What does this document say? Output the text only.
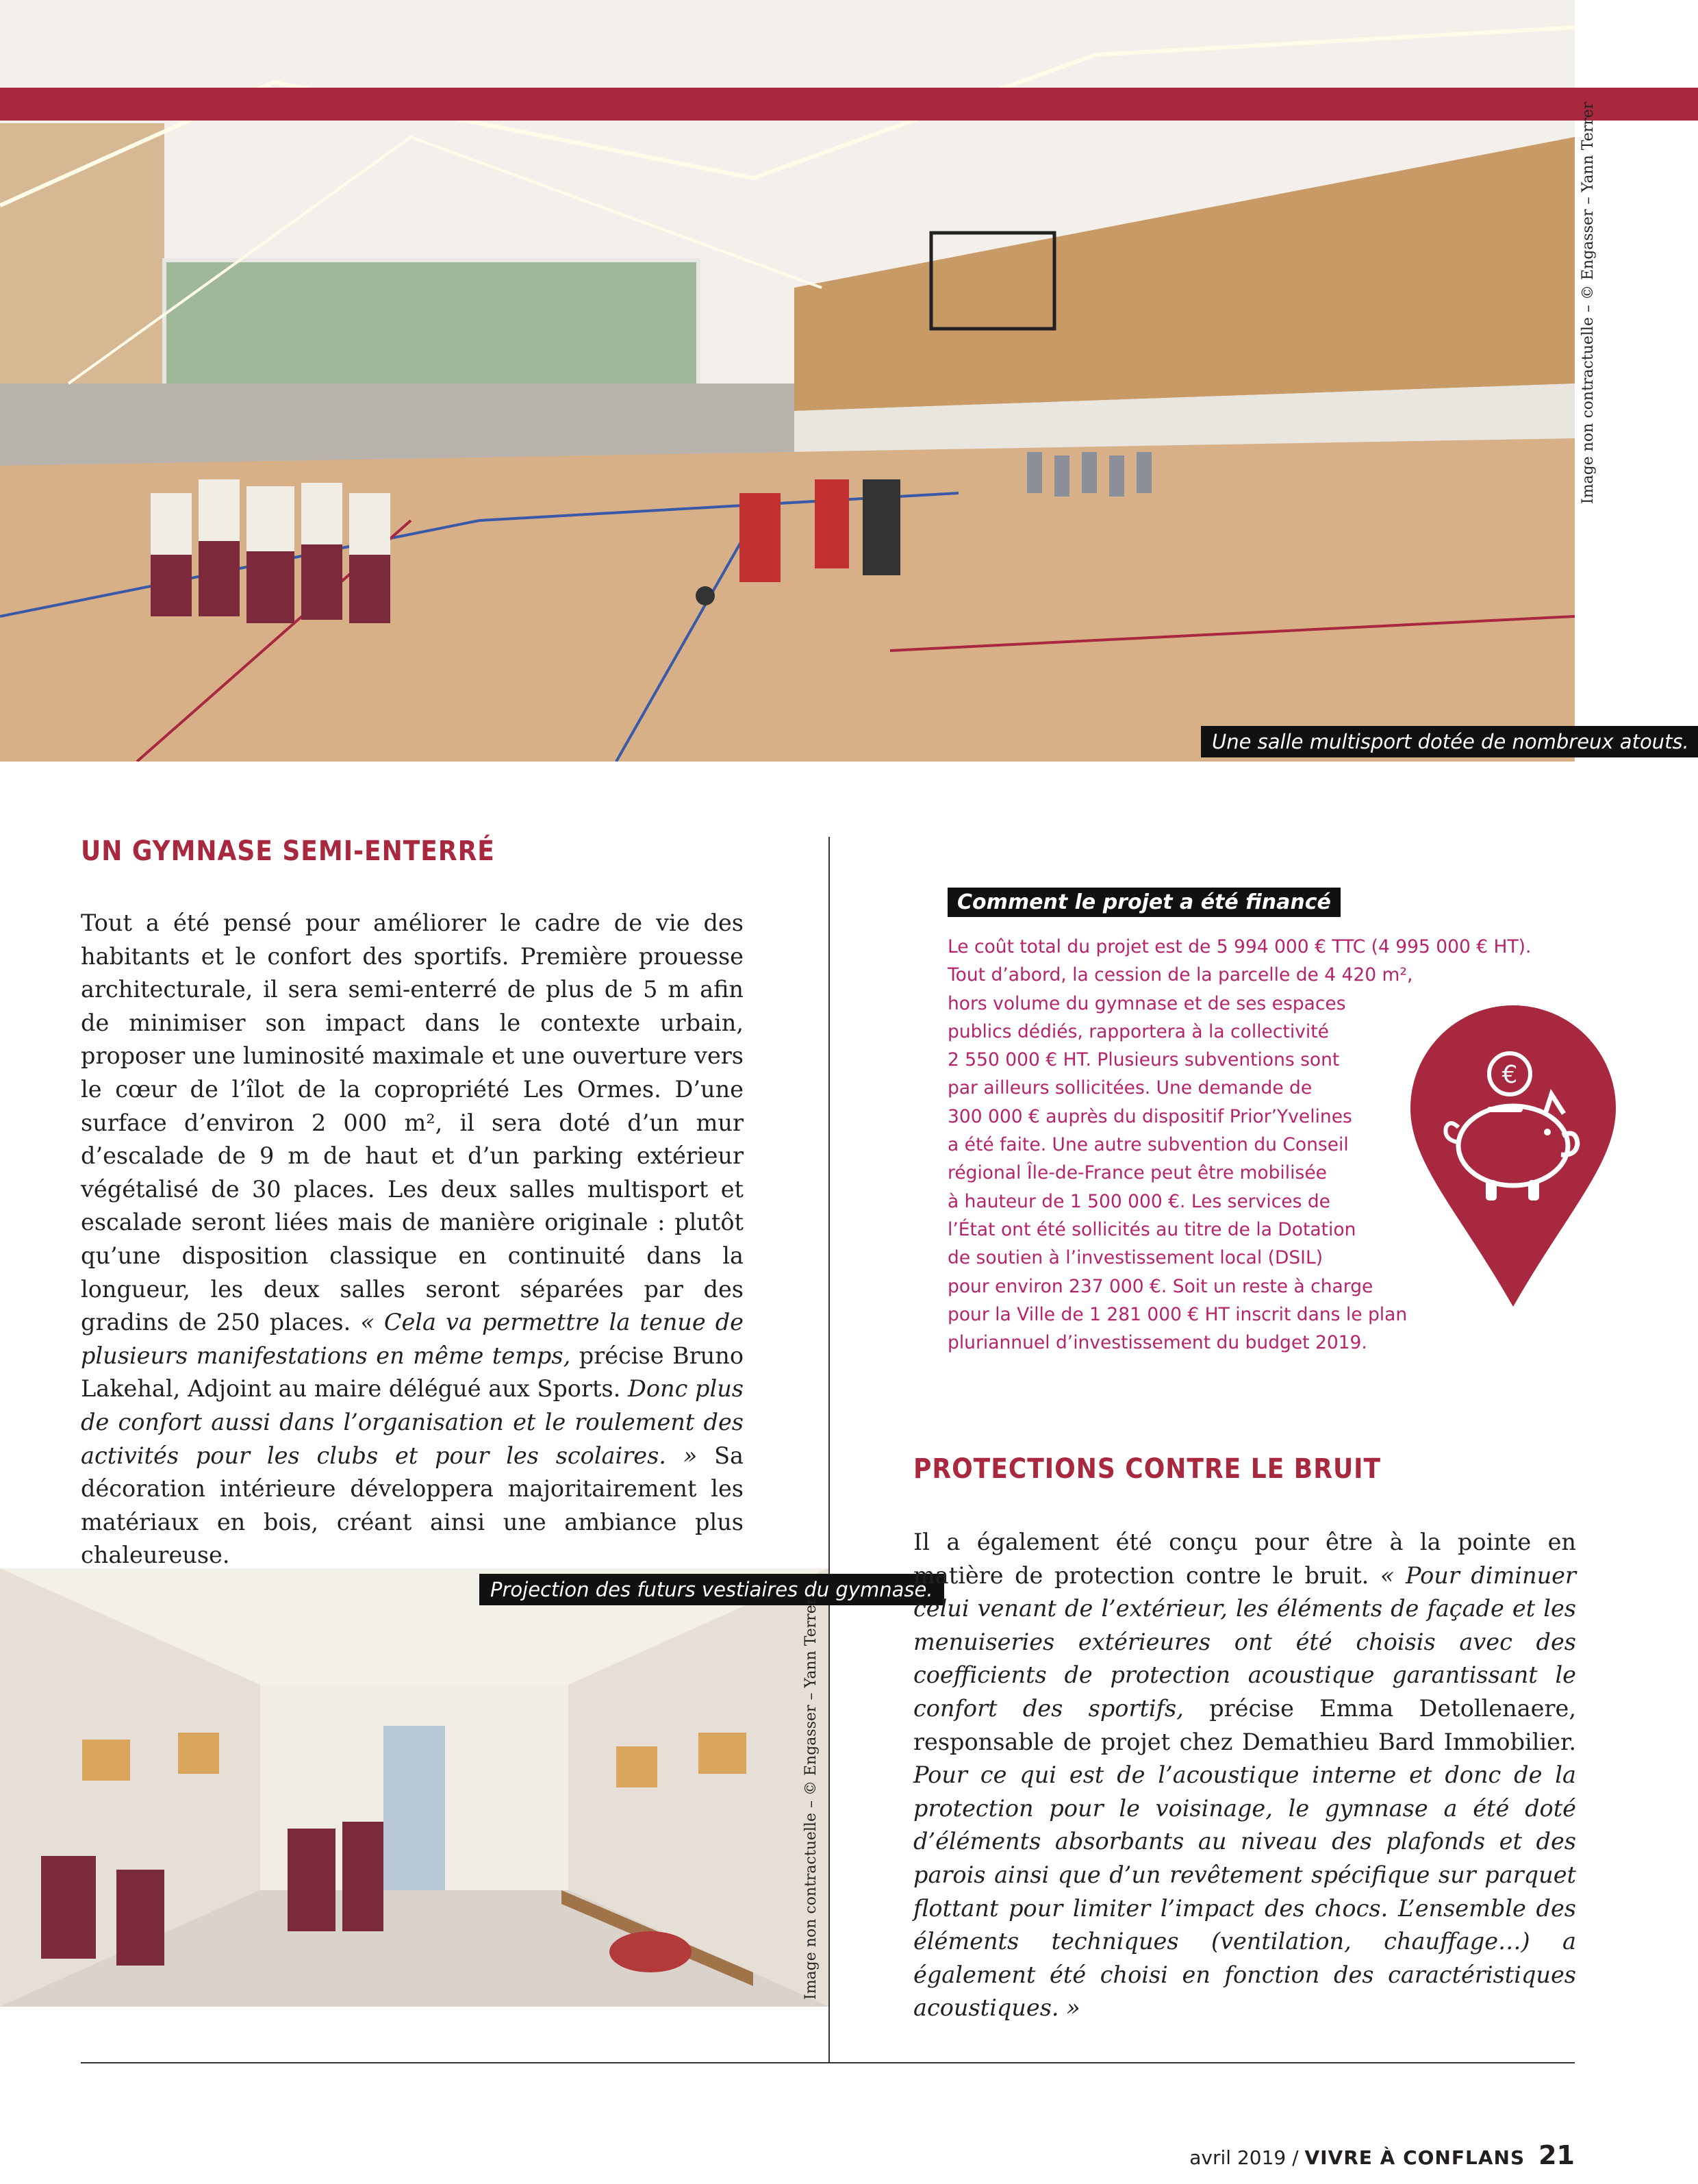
Image non contractuelle – © Engasser – Yann Terrer
Une salle multisport dotée de nombreux atouts.
UN GYMNASE SEMI-ENTERRÉ

Tout a été pensé pour améliorer le cadre de vie des habitants et le confort des sportifs. Première prouesse architecturale, il sera semi-enterré de plus de 5 m afin de minimiser son impact dans le contexte urbain, proposer une luminosité maximale et une ouverture vers le cœur de l’îlot de la copropriété Les Ormes. D’une surface d’environ 2 000 m², il sera doté d’un mur d’escalade de 9 m de haut et d’un parking extérieur végétalisé de 30 places. Les deux salles multisport et escalade seront liées mais de manière originale : plutôt qu’une disposition classique en continuité dans la longueur, les deux salles seront séparées par des gradins de 250 places. « Cela va permettre la tenue de plusieurs manifestations en même temps, précise Bruno Lakehal, Adjoint au maire délégué aux Sports. Donc plus de confort aussi dans l’organisation et le roulement des activités pour les clubs et pour les scolaires. » Sa décoration intérieure développera majoritairement les matériaux en bois, créant ainsi une ambiance plus chaleureuse.

Comment le projet a été financé
Le coût total du projet est de 5 994 000 € TTC (4 995 000 € HT).
Tout d’abord, la cession de la parcelle de 4 420 m²,
hors volume du gymnase et de ses espaces
publics dédiés, rapportera à la collectivité
2 550 000 € HT. Plusieurs subventions sont
par ailleurs sollicitées. Une demande de
300 000 € auprès du dispositif Prior’Yvelines
a été faite. Une autre subvention du Conseil
régional Île-de-France peut être mobilisée
à hauteur de 1 500 000 €. Les services de
l’État ont été sollicités au titre de la Dotation
de soutien à l’investissement local (DSIL)
pour environ 237 000 €. Soit un reste à charge
pour la Ville de 1 281 000 € HT inscrit dans le plan
pluriannuel d’investissement du budget 2019.
€
Projection des futurs vestiaires du gymnase.
Image non contractuelle – © Engasser – Yann Terrer
PROTECTIONS CONTRE LE BRUIT

Il a également été conçu pour être à la pointe en matière de protection contre le bruit. « Pour diminuer celui venant de l’extérieur, les éléments de façade et les menuiseries extérieures ont été choisis avec des coefficients de protection acoustique garantissant le confort des sportifs, précise Emma Detollenaere, responsable de projet chez Demathieu Bard Immobilier. Pour ce qui est de l’acoustique interne et donc de la protection pour le voisinage, le gymnase a été doté d’éléments absorbants au niveau des plafonds et des parois ainsi que d’un revêtement spécifique sur parquet flottant pour limiter l’impact des chocs. L’ensemble des éléments techniques (ventilation, chauffage…) a également été choisi en fonction des caractéristiques acoustiques. »

avril 2019 / VIVRE À CONFLANS 21
